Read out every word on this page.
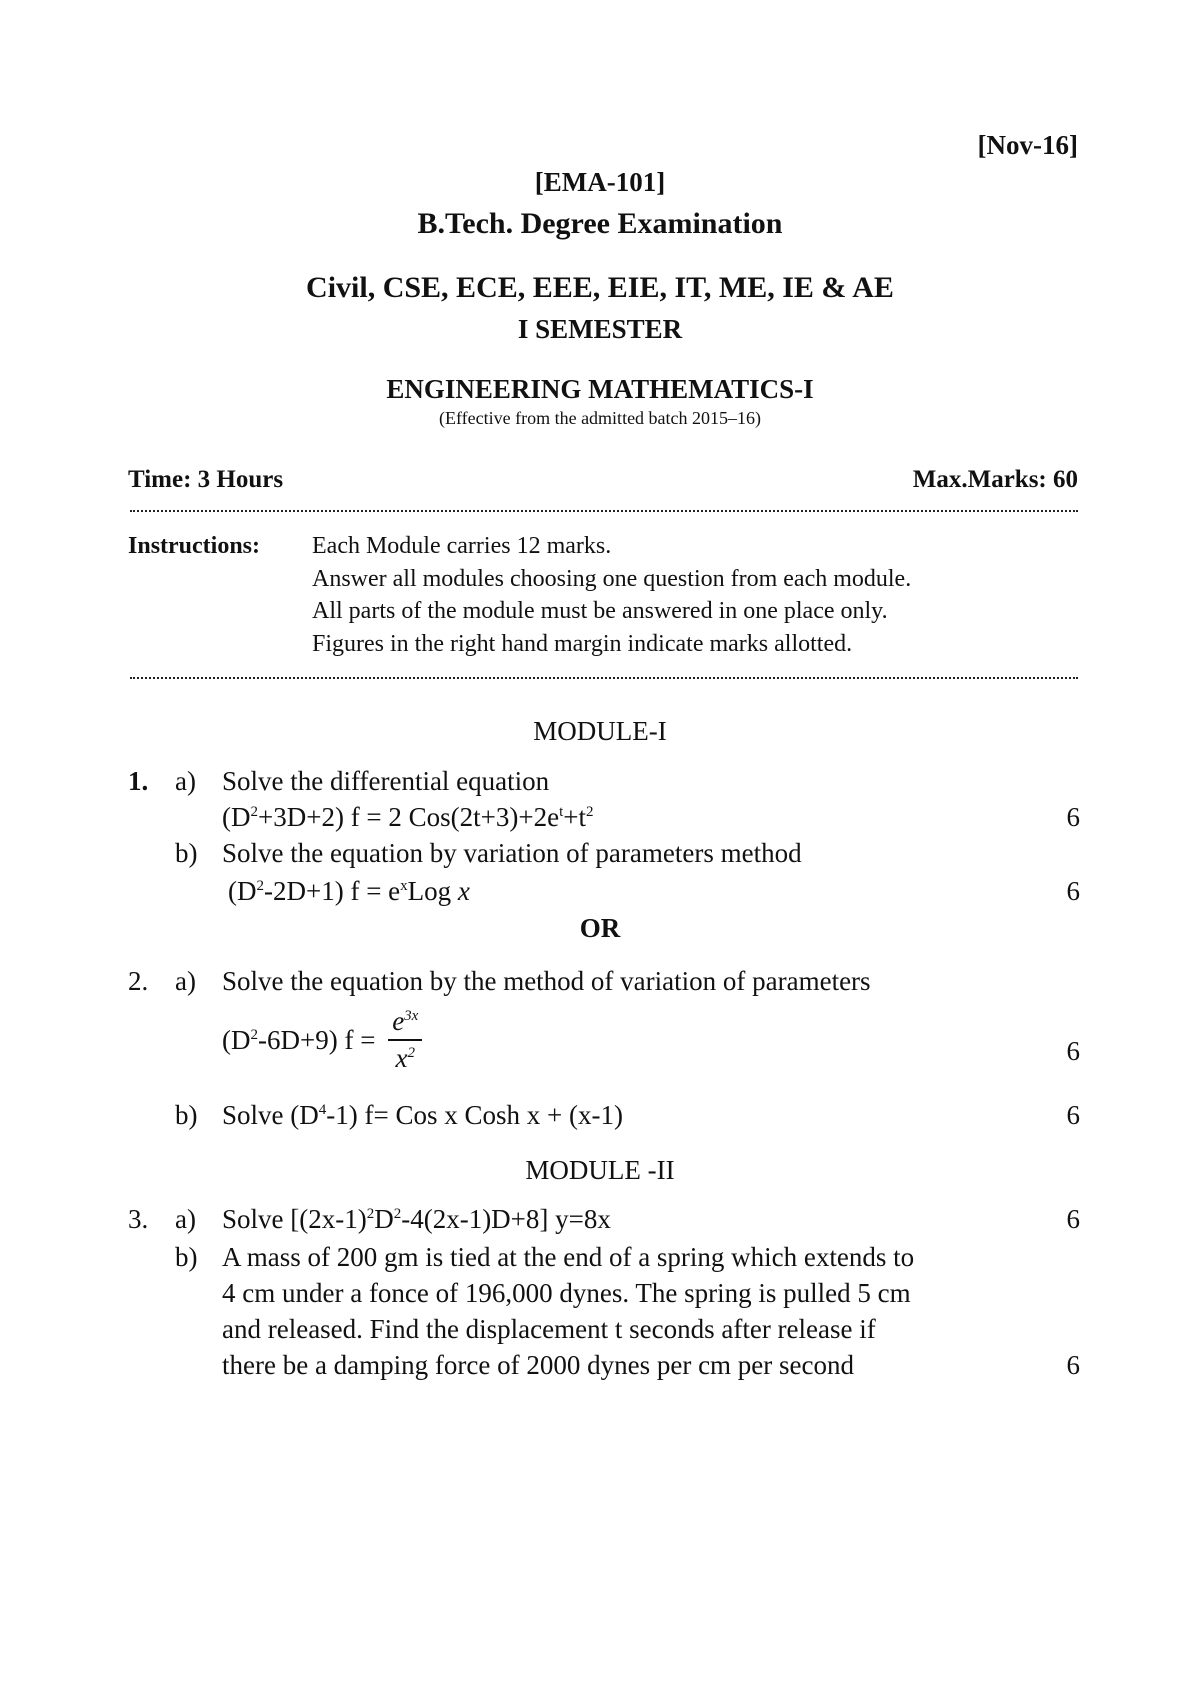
[Nov-16]
[EMA-101]
B.Tech. Degree Examination
Civil, CSE, ECE, EEE, EIE, IT, ME, IE & AE
I SEMESTER
ENGINEERING MATHEMATICS-I
(Effective from the admitted batch 2015–16)
Time: 3 Hours	Max.Marks: 60
Instructions: Each Module carries 12 marks.
Answer all modules choosing one question from each module.
All parts of the module must be answered in one place only.
Figures in the right hand margin indicate marks allotted.
MODULE-I
1. a) Solve the differential equation
$(D^2+3D+2) f = 2$ $Cos(2t+3)+2e^t+t^2$	6
b) Solve the equation by variation of parameters method
$(D^2-2D+1) f = e^xLog$ x	6
OR
2. a) Solve the equation by the method of variation of parameters
$(D^2-6D+9) f = \frac{e^{3x}}{x^2}$	6
b) Solve $(D^4-1)$ f= Cos x Cosh x + (x-1)	6
MODULE -II
3. a) Solve $[(2x-1)^2D^2-4(2x-1)D+8]$ y=8x	6
b) A mass of 200 gm is tied at the end of a spring which extends to
4 cm under a fonce of 196,000 dynes. The spring is pulled 5 cm
and released. Find the displacement t seconds after release if
there be a damping force of 2000 dynes per cm per second	6
